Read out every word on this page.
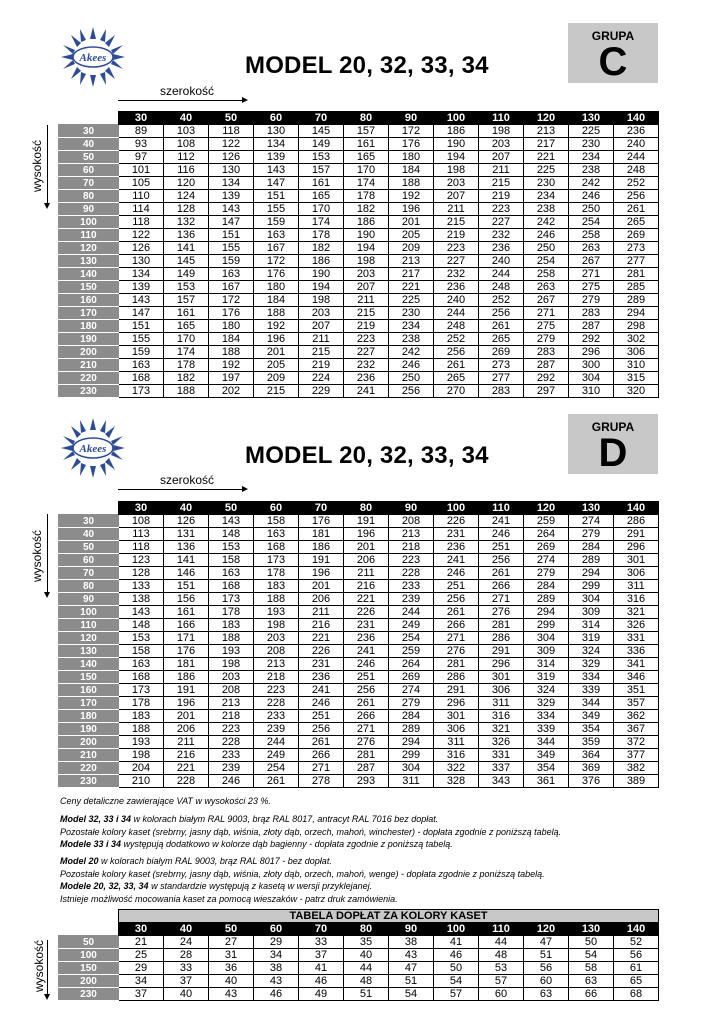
Akees	MODEL 20, 32, 33, 34
GRUPA
C
szerokość
wysokość
	30	40	50	60	70	80	90	100	110	120	130	140
30	89	103	118	130	145	157	172	186	198	213	225	236
40	93	108	122	134	149	161	176	190	203	217	230	240
50	97	112	126	139	153	165	180	194	207	221	234	244
60	101	116	130	143	157	170	184	198	211	225	238	248
70	105	120	134	147	161	174	188	203	215	230	242	252
80	110	124	139	151	165	178	192	207	219	234	246	256
90	114	128	143	155	170	182	196	211	223	238	250	261
100	118	132	147	159	174	186	201	215	227	242	254	265
110	122	136	151	163	178	190	205	219	232	246	258	269
120	126	141	155	167	182	194	209	223	236	250	263	273
130	130	145	159	172	186	198	213	227	240	254	267	277
140	134	149	163	176	190	203	217	232	244	258	271	281
150	139	153	167	180	194	207	221	236	248	263	275	285
160	143	157	172	184	198	211	225	240	252	267	279	289
170	147	161	176	188	203	215	230	244	256	271	283	294
180	151	165	180	192	207	219	234	248	261	275	287	298
190	155	170	184	196	211	223	238	252	265	279	292	302
200	159	174	188	201	215	227	242	256	269	283	296	306
210	163	178	192	205	219	232	246	261	273	287	300	310
220	168	182	197	209	224	236	250	265	277	292	304	315
230	173	188	202	215	229	241	256	270	283	297	310	320
Akees	MODEL 20, 32, 33, 34
GRUPA
D
szerokość
wysokość
	30	40	50	60	70	80	90	100	110	120	130	140
30	108	126	143	158	176	191	208	226	241	259	274	286
40	113	131	148	163	181	196	213	231	246	264	279	291
50	118	136	153	168	186	201	218	236	251	269	284	296
60	123	141	158	173	191	206	223	241	256	274	289	301
70	128	146	163	178	196	211	228	246	261	279	294	306
80	133	151	168	183	201	216	233	251	266	284	299	311
90	138	156	173	188	206	221	239	256	271	289	304	316
100	143	161	178	193	211	226	244	261	276	294	309	321
110	148	166	183	198	216	231	249	266	281	299	314	326
120	153	171	188	203	221	236	254	271	286	304	319	331
130	158	176	193	208	226	241	259	276	291	309	324	336
140	163	181	198	213	231	246	264	281	296	314	329	341
150	168	186	203	218	236	251	269	286	301	319	334	346
160	173	191	208	223	241	256	274	291	306	324	339	351
170	178	196	213	228	246	261	279	296	311	329	344	357
180	183	201	218	233	251	266	284	301	316	334	349	362
190	188	206	223	239	256	271	289	306	321	339	354	367
200	193	211	228	244	261	276	294	311	326	344	359	372
210	198	216	233	249	266	281	299	316	331	349	364	377
220	204	221	239	254	271	287	304	322	337	354	369	382
230	210	228	246	261	278	293	311	328	343	361	376	389
Ceny detaliczne zawierające VAT w wysokości 23 %.
Model 32, 33 i 34 w kolorach białym RAL 9003, brąz RAL 8017, antracyt RAL 7016 bez dopłat.
Pozostałe kolory kaset (srebrny, jasny dąb, wiśnia, złoty dąb, orzech, mahoń, winchester) - dopłata zgodnie z poniższą tabelą.
Modele 33 i 34 występują dodatkowo w kolorze dąb bagienny - dopłata zgodnie z poniższą tabelą.
Model 20 w kolorach białym RAL 9003, brąz RAL 8017 - bez dopłat.
Pozostałe kolory kaset (srebrny, jasny dąb, wiśnia, złoty dąb, orzech, mahoń, wenge) - dopłata zgodnie z poniższą tabelą.
Modele 20, 32, 33, 34 w standardzie występują z kasetą w wersji przyklejanej.
Istnieje możliwość mocowania kaset za pomocą wieszaków - patrz druk zamówienia.
wysokość
	TABELA DOPŁAT ZA KOLORY KASET											
	30	40	50	60	70	80	90	100	110	120	130	140
50	21	24	27	29	33	35	38	41	44	47	50	52
100	25	28	31	34	37	40	43	46	48	51	54	56
150	29	33	36	38	41	44	47	50	53	56	58	61
200	34	37	40	43	46	48	51	54	57	60	63	65
230	37	40	43	46	49	51	54	57	60	63	66	68
